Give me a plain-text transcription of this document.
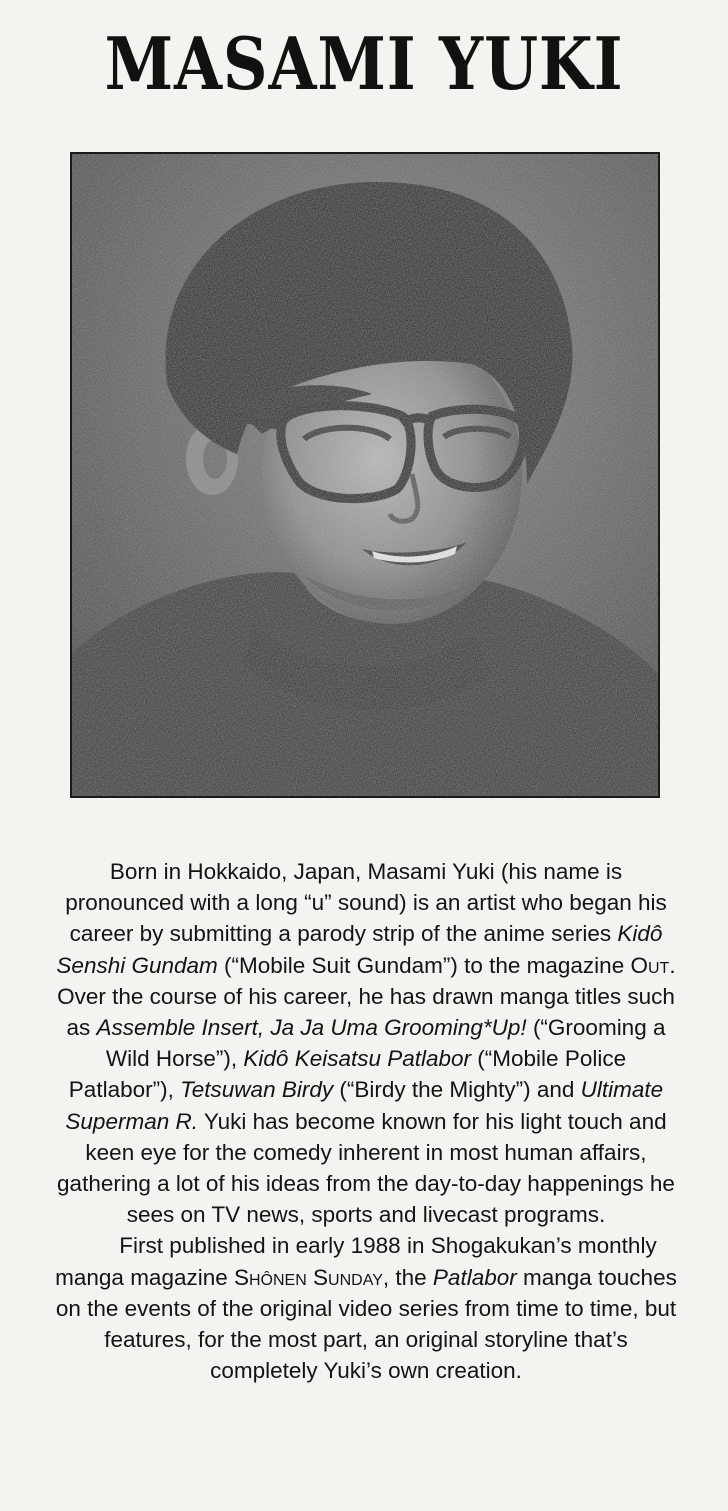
MASAMI YUKI

Born in Hokkaido, Japan, Masami Yuki (his name is pronounced with a long “u” sound) is an artist who began his career by submitting a parody strip of the anime series Kidô Senshi Gundam (“Mobile Suit Gundam”) to the magazine Out. Over the course of his career, he has drawn manga titles such as Assemble Insert, Ja Ja Uma Grooming*Up! (“Grooming a Wild Horse”), Kidô Keisatsu Patlabor (“Mobile Police Patlabor”), Tetsuwan Birdy (“Birdy the Mighty”) and Ultimate Superman R. Yuki has become known for his light touch and keen eye for the comedy inherent in most human affairs, gathering a lot of his ideas from the day-to-day happenings he sees on TV news, sports and livecast programs.

First published in early 1988 in Shogakukan’s monthly manga magazine Shônen Sunday, the Patlabor manga touches on the events of the original video series from time to time, but features, for the most part, an original storyline that’s completely Yuki’s own creation.
